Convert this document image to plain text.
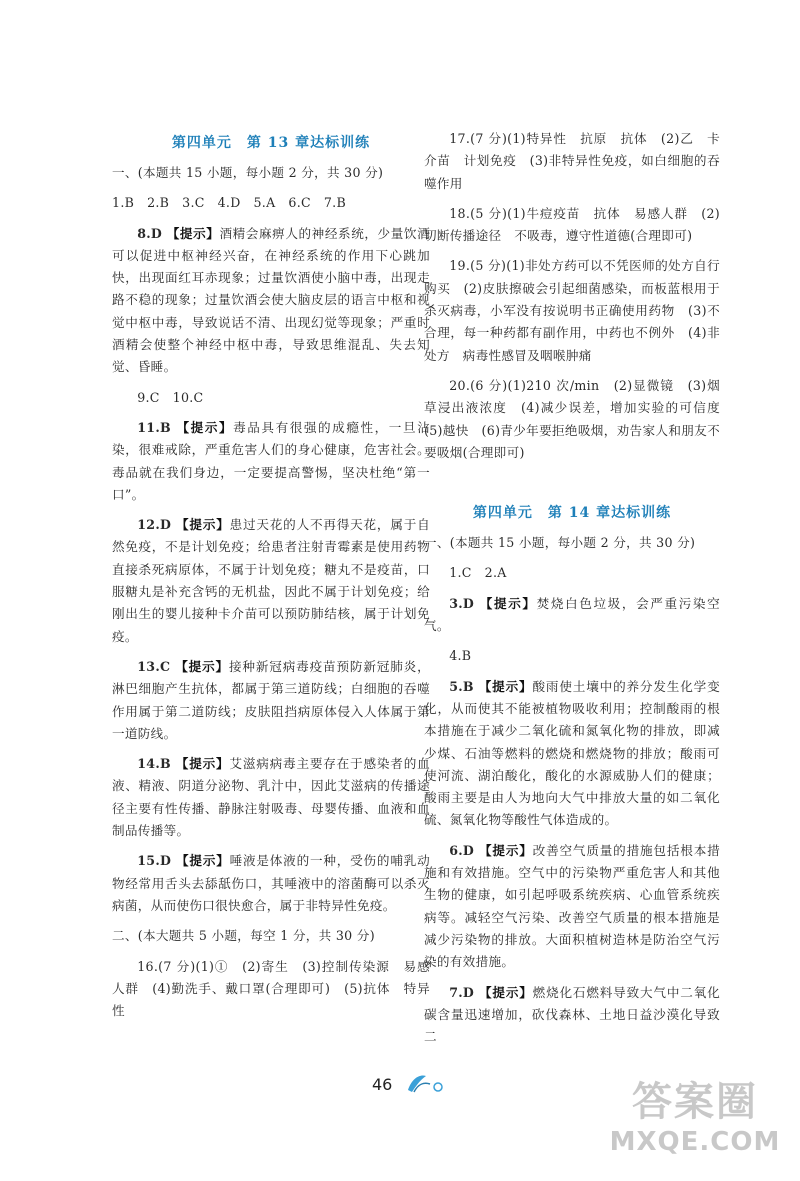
第四单元　第 13 章达标训练

一、(本题共 15 小题，每小题 2 分，共 30 分)

1.B　2.B　3.C　4.D　5.A　6.C　7.B

8.D 【提示】酒精会麻痹人的神经系统，少量饮酒可以促进中枢神经兴奋，在神经系统的作用下心跳加快，出现面红耳赤现象；过量饮酒使小脑中毒，出现走路不稳的现象；过量饮酒会使大脑皮层的语言中枢和视觉中枢中毒，导致说话不清、出现幻觉等现象；严重时酒精会使整个神经中枢中毒，导致思维混乱、失去知觉、昏睡。

9.C　10.C

11.B 【提示】毒品具有很强的成瘾性，一旦沾染，很难戒除，严重危害人们的身心健康，危害社会。毒品就在我们身边，一定要提高警惕，坚决杜绝“第一口”。

12.D 【提示】患过天花的人不再得天花，属于自然免疫，不是计划免疫；给患者注射青霉素是使用药物直接杀死病原体，不属于计划免疫；糖丸不是疫苗，口服糖丸是补充含钙的无机盐，因此不属于计划免疫；给刚出生的婴儿接种卡介苗可以预防肺结核，属于计划免疫。

13.C 【提示】接种新冠病毒疫苗预防新冠肺炎，淋巴细胞产生抗体，都属于第三道防线；白细胞的吞噬作用属于第二道防线；皮肤阻挡病原体侵入人体属于第一道防线。

14.B 【提示】艾滋病病毒主要存在于感染者的血液、精液、阴道分泌物、乳汁中，因此艾滋病的传播途径主要有性传播、静脉注射吸毒、母婴传播、血液和血制品传播等。

15.D 【提示】唾液是体液的一种，受伤的哺乳动物经常用舌头去舔舐伤口，其唾液中的溶菌酶可以杀灭病菌，从而使伤口很快愈合，属于非特异性免疫。

二、(本大题共 5 小题，每空 1 分，共 30 分)

16.(7 分)(1)①　(2)寄生　(3)控制传染源　易感人群　(4)勤洗手、戴口罩(合理即可)　(5)抗体　特异性

17.(7 分)(1)特异性　抗原　抗体　(2)乙　卡介苗　计划免疫　(3)非特异性免疫，如白细胞的吞噬作用

18.(5 分)(1)牛痘疫苗　抗体　易感人群　(2)切断传播途径　不吸毒，遵守性道德(合理即可)

19.(5 分)(1)非处方药可以不凭医师的处方自行购买　(2)皮肤擦破会引起细菌感染，而板蓝根用于杀灭病毒，小军没有按说明书正确使用药物　(3)不合理，每一种药都有副作用，中药也不例外　(4)非处方　病毒性感冒及咽喉肿痛

20.(6 分)(1)210 次/min　(2)显微镜　(3)烟草浸出液浓度　(4)减少误差，增加实验的可信度　(5)越快　(6)青少年要拒绝吸烟，劝告家人和朋友不要吸烟(合理即可)

第四单元　第 14 章达标训练

一、(本题共 15 小题，每小题 2 分，共 30 分)

1.C　2.A

3.D 【提示】焚烧白色垃圾，会严重污染空气。

4.B

5.B 【提示】酸雨使土壤中的养分发生化学变化，从而使其不能被植物吸收利用；控制酸雨的根本措施在于减少二氧化硫和氮氧化物的排放，即减少煤、石油等燃料的燃烧和燃烧物的排放；酸雨可使河流、湖泊酸化，酸化的水源威胁人们的健康；酸雨主要是由人为地向大气中排放大量的如二氧化硫、氮氧化物等酸性气体造成的。

6.D 【提示】改善空气质量的措施包括根本措施和有效措施。空气中的污染物严重危害人和其他生物的健康，如引起呼吸系统疾病、心血管系统疾病等。减轻空气污染、改善空气质量的根本措施是减少污染物的排放。大面积植树造林是防治空气污染的有效措施。

7.D 【提示】燃烧化石燃料导致大气中二氧化碳含量迅速增加，砍伐森林、土地日益沙漠化导致二

46	答案圈
MXQE.COM
